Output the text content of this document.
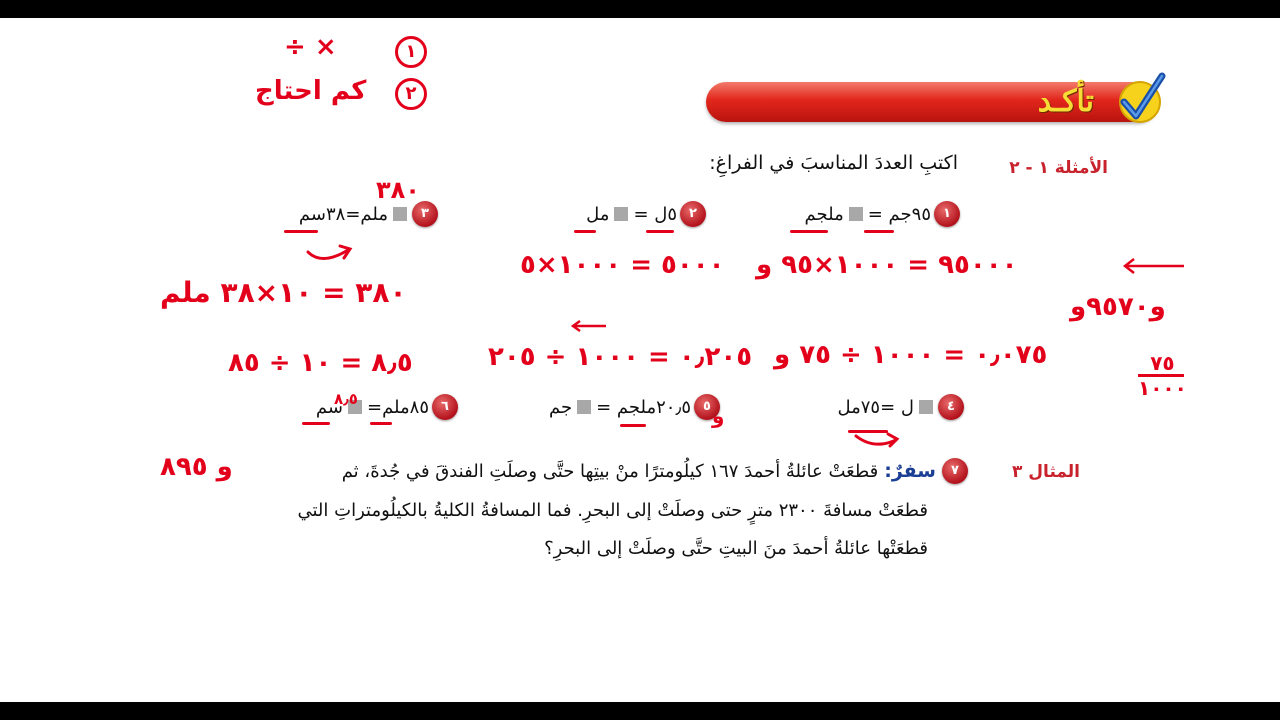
÷ ×	١
كم احتاج	٢	تأكـد
الأمثلة ١ - ٢
اكتبِ العددَ المناسبَ في الفراغِ:
١
٩٥جم =
ملجم
٢
٥ل =
مل
٣
ملم=٣٨سم
٤
ل =٧٥مل
٥
٢٠٫٥ملجم =
جم
٦
٨٥ملم=
سم
٣٨٠
٣٨٠ = ١٠×٣٨ ملم
٥٠٠٠ = ١٠٠٠×٥ ٩٥٠٠٠ = ١٠٠٠×٩٥ و
و٩٥٧٠و
٨٫٥ = ١٠ ÷ ٨٥	٠٫٢٠٥ = ١٠٠٠ ÷ ٢٠٥ ٠٫٠٧٥ = ١٠٠٠ ÷ ٧٥ و	٧٥
١٠٠٠
٨٫٥
و
و ٨٩٥	المثال ٣
٧
سفرٌ:
قطعَتْ عائلةُ أحمدَ ١٦٧ كيلُومترًا منْ بيتِها حتَّى وصلَتِ الفندقَ في جُدةَ، ثم
قطعَتْ مسافةَ ٢٣٠٠ مترٍ حتى وصلَتْ إلى البحرِ. فما المسافةُ الكليةُ بالكيلُومتراتِ التي
قطعَتْها عائلةُ أحمدَ منَ البيتِ حتَّى وصلَتْ إلى البحرِ؟
